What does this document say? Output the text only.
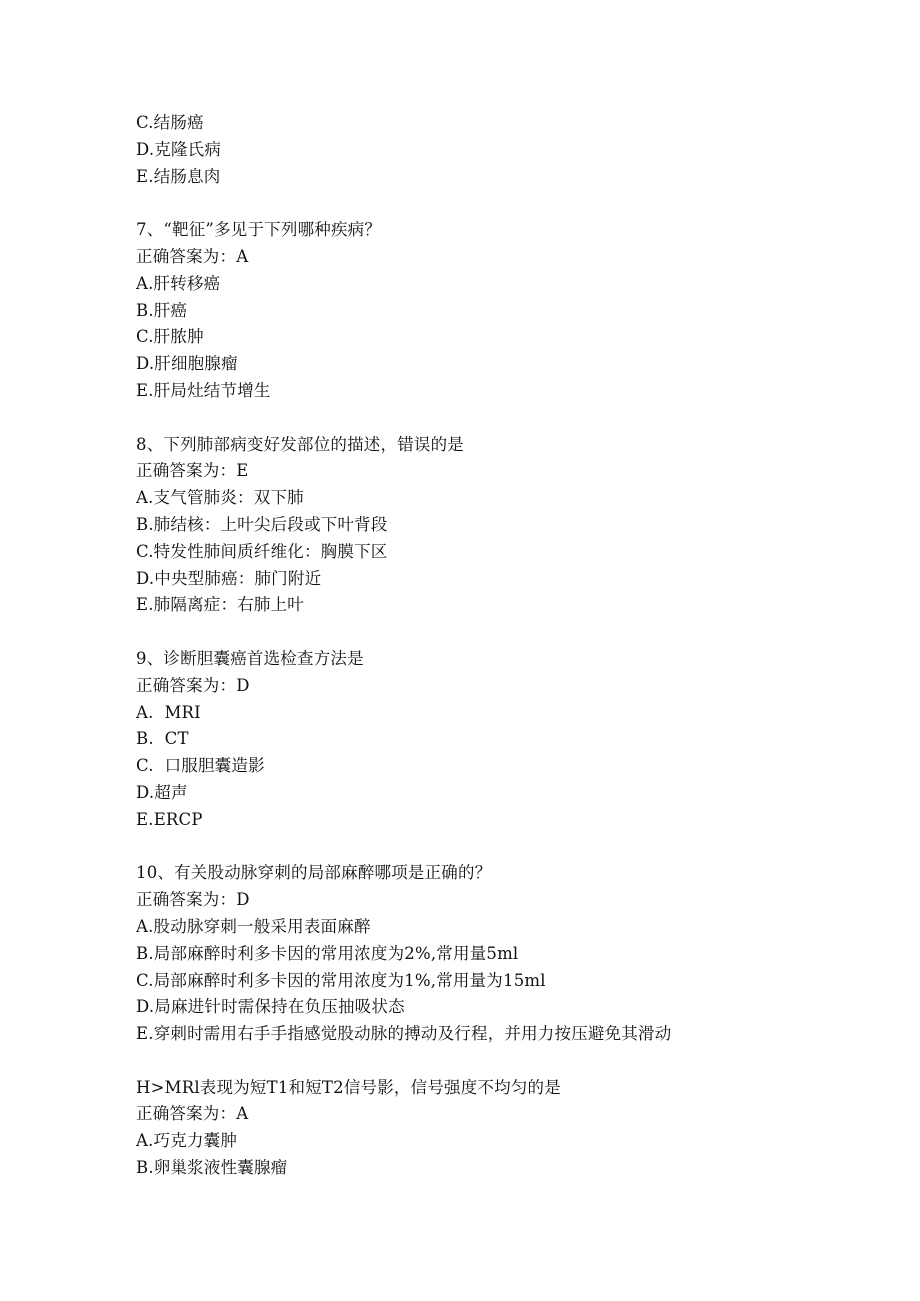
C.结肠癌
D.克隆氏病
E.结肠息肉
7、“靶征”多见于下列哪种疾病？
正确答案为：A
A.肝转移癌
B.肝癌
C.肝脓肿
D.肝细胞腺瘤
E.肝局灶结节增生
8、下列肺部病变好发部位的描述，错误的是
正确答案为：E
A.支气管肺炎：双下肺
B.肺结核：上叶尖后段或下叶背段
C.特发性肺间质纤维化：胸膜下区
D.中央型肺癌：肺门附近
E.肺隔离症：右肺上叶
9、诊断胆囊癌首选检查方法是
正确答案为：D
A.  MRI
B.  CT
C.  口服胆囊造影
D.超声
E.ERCP
10、有关股动脉穿刺的局部麻醉哪项是正确的？
正确答案为：D
A.股动脉穿刺一般采用表面麻醉
B.局部麻醉时利多卡因的常用浓度为2%,常用量5ml
C.局部麻醉时利多卡因的常用浓度为1%,常用量为15ml
D.局麻进针时需保持在负压抽吸状态
E.穿刺时需用右手手指感觉股动脉的搏动及行程，并用力按压避免其滑动
H>MRl表现为短T1和短T2信号影，信号强度不均匀的是
正确答案为：A
A.巧克力囊肿
B.卵巢浆液性囊腺瘤
